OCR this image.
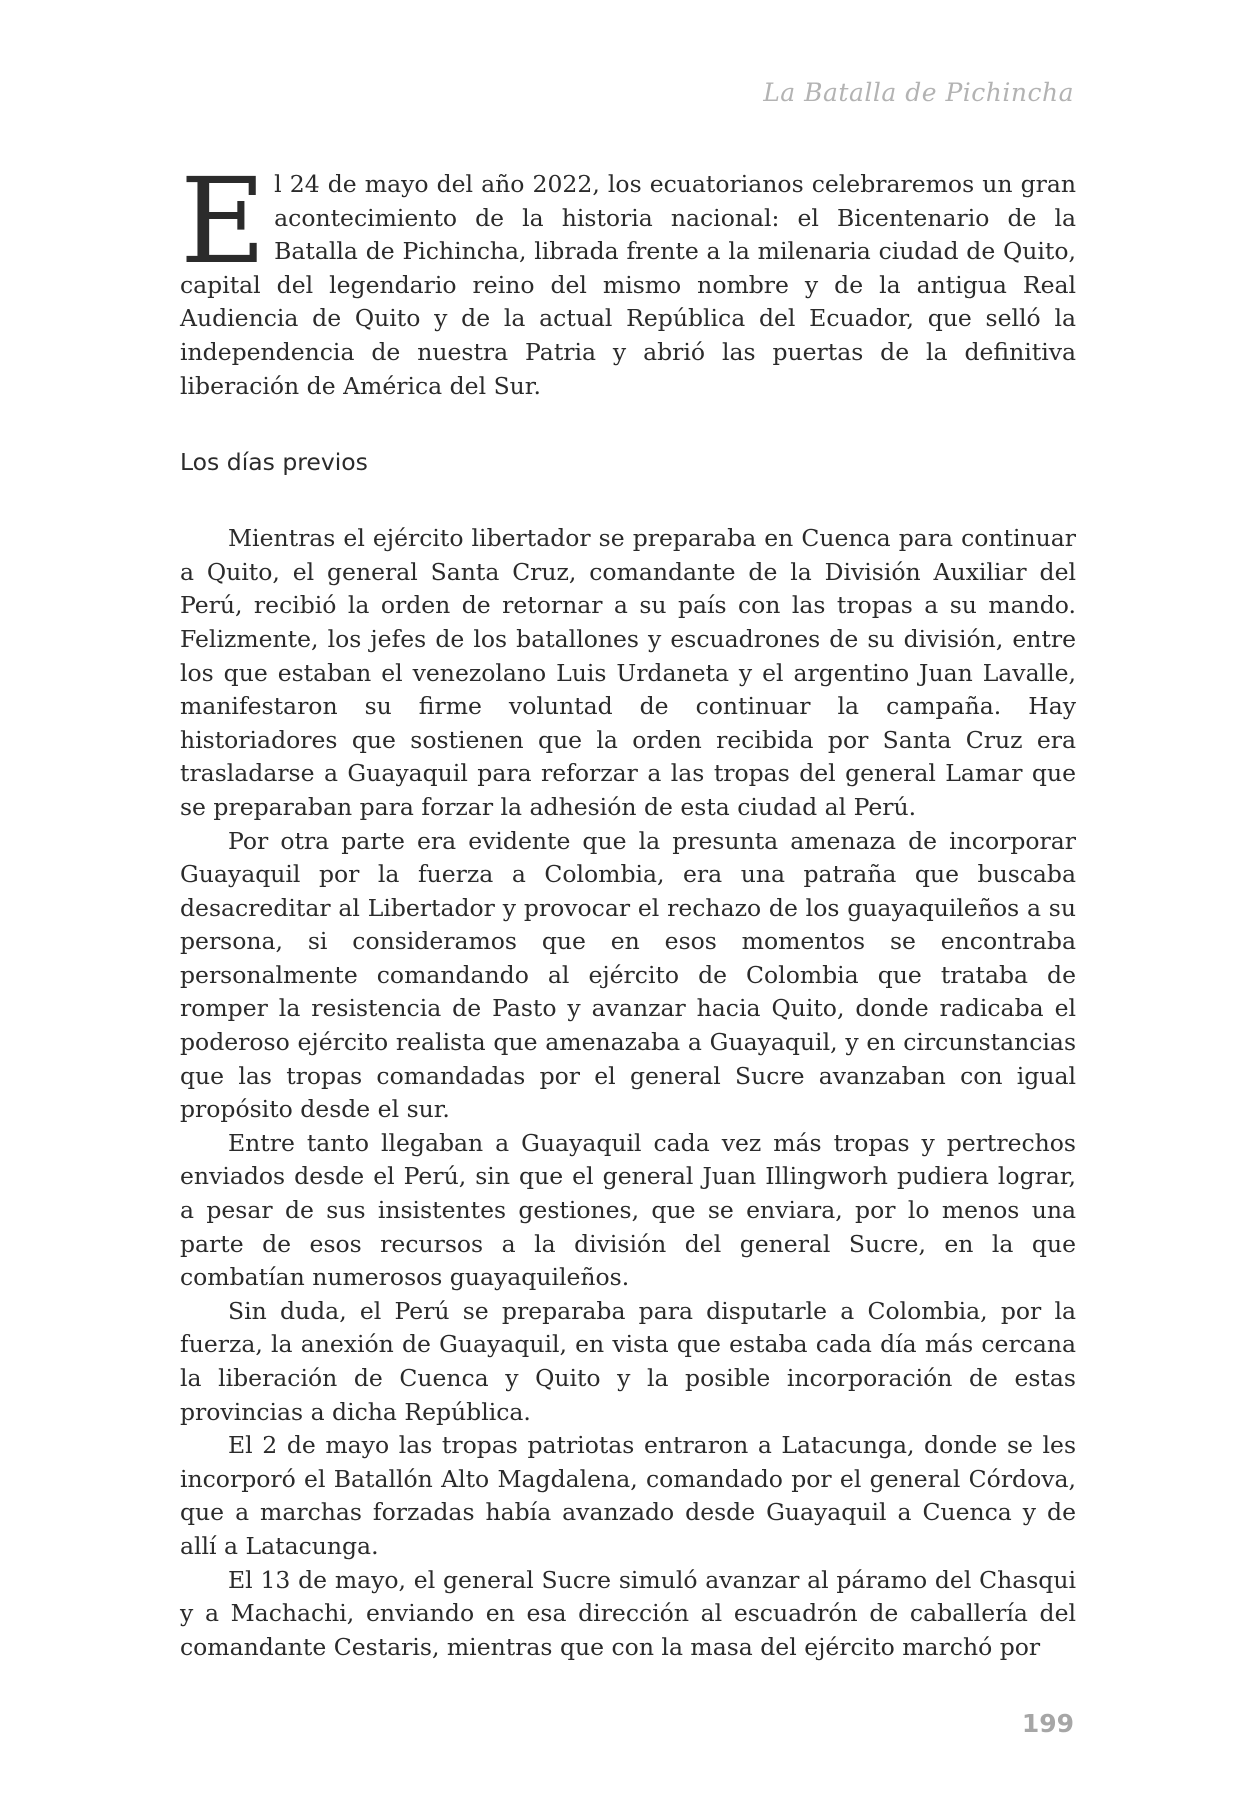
La Batalla de Pichincha

El 24 de mayo del año 2022, los ecuatorianos celebraremos un gran acontecimiento de la historia nacional: el Bicentenario de la Batalla de Pichincha, librada frente a la milenaria ciudad de Quito, capital del legendario reino del mismo nombre y de la antigua Real Audiencia de Quito y de la actual República del Ecuador, que selló la independencia de nuestra Patria y abrió las puertas de la definitiva liberación de América del Sur.

Los días previos

Mientras el ejército libertador se preparaba en Cuenca para continuar a Quito, el general Santa Cruz, comandante de la División Auxiliar del Perú, recibió la orden de retornar a su país con las tropas a su mando. Felizmente, los jefes de los batallones y escuadrones de su división, entre los que estaban el venezolano Luis Urdaneta y el argentino Juan Lavalle, manifestaron su firme voluntad de continuar la campaña. Hay historiadores que sostienen que la orden recibida por Santa Cruz era trasladarse a Guayaquil para reforzar a las tropas del general Lamar que se preparaban para forzar la adhesión de esta ciudad al Perú.

Por otra parte era evidente que la presunta amenaza de incorporar Guayaquil por la fuerza a Colombia, era una patraña que buscaba desacreditar al Libertador y provocar el rechazo de los guayaquileños a su persona, si consideramos que en esos momentos se encontraba personalmente comandando al ejército de Colombia que trataba de romper la resistencia de Pasto y avanzar hacia Quito, donde radicaba el poderoso ejército realista que amenazaba a Guayaquil, y en circunstancias que las tropas comandadas por el general Sucre avanzaban con igual propósito desde el sur.

Entre tanto llegaban a Guayaquil cada vez más tropas y pertrechos enviados desde el Perú, sin que el general Juan Illingworh pudiera lograr, a pesar de sus insistentes gestiones, que se enviara, por lo menos una parte de esos recursos a la división del general Sucre, en la que combatían numerosos guayaquileños.

Sin duda, el Perú se preparaba para disputarle a Colombia, por la fuerza, la anexión de Guayaquil, en vista que estaba cada día más cercana la liberación de Cuenca y Quito y la posible incorporación de estas provincias a dicha República.

El 2 de mayo las tropas patriotas entraron a Latacunga, donde se les incorporó el Batallón Alto Magdalena, comandado por el general Córdova, que a marchas forzadas había avanzado desde Guayaquil a Cuenca y de allí a Latacunga.

El 13 de mayo, el general Sucre simuló avanzar al páramo del Chasqui y a Machachi, enviando en esa dirección al escuadrón de caballería del comandante Cestaris, mientras que con la masa del ejército marchó por

199
